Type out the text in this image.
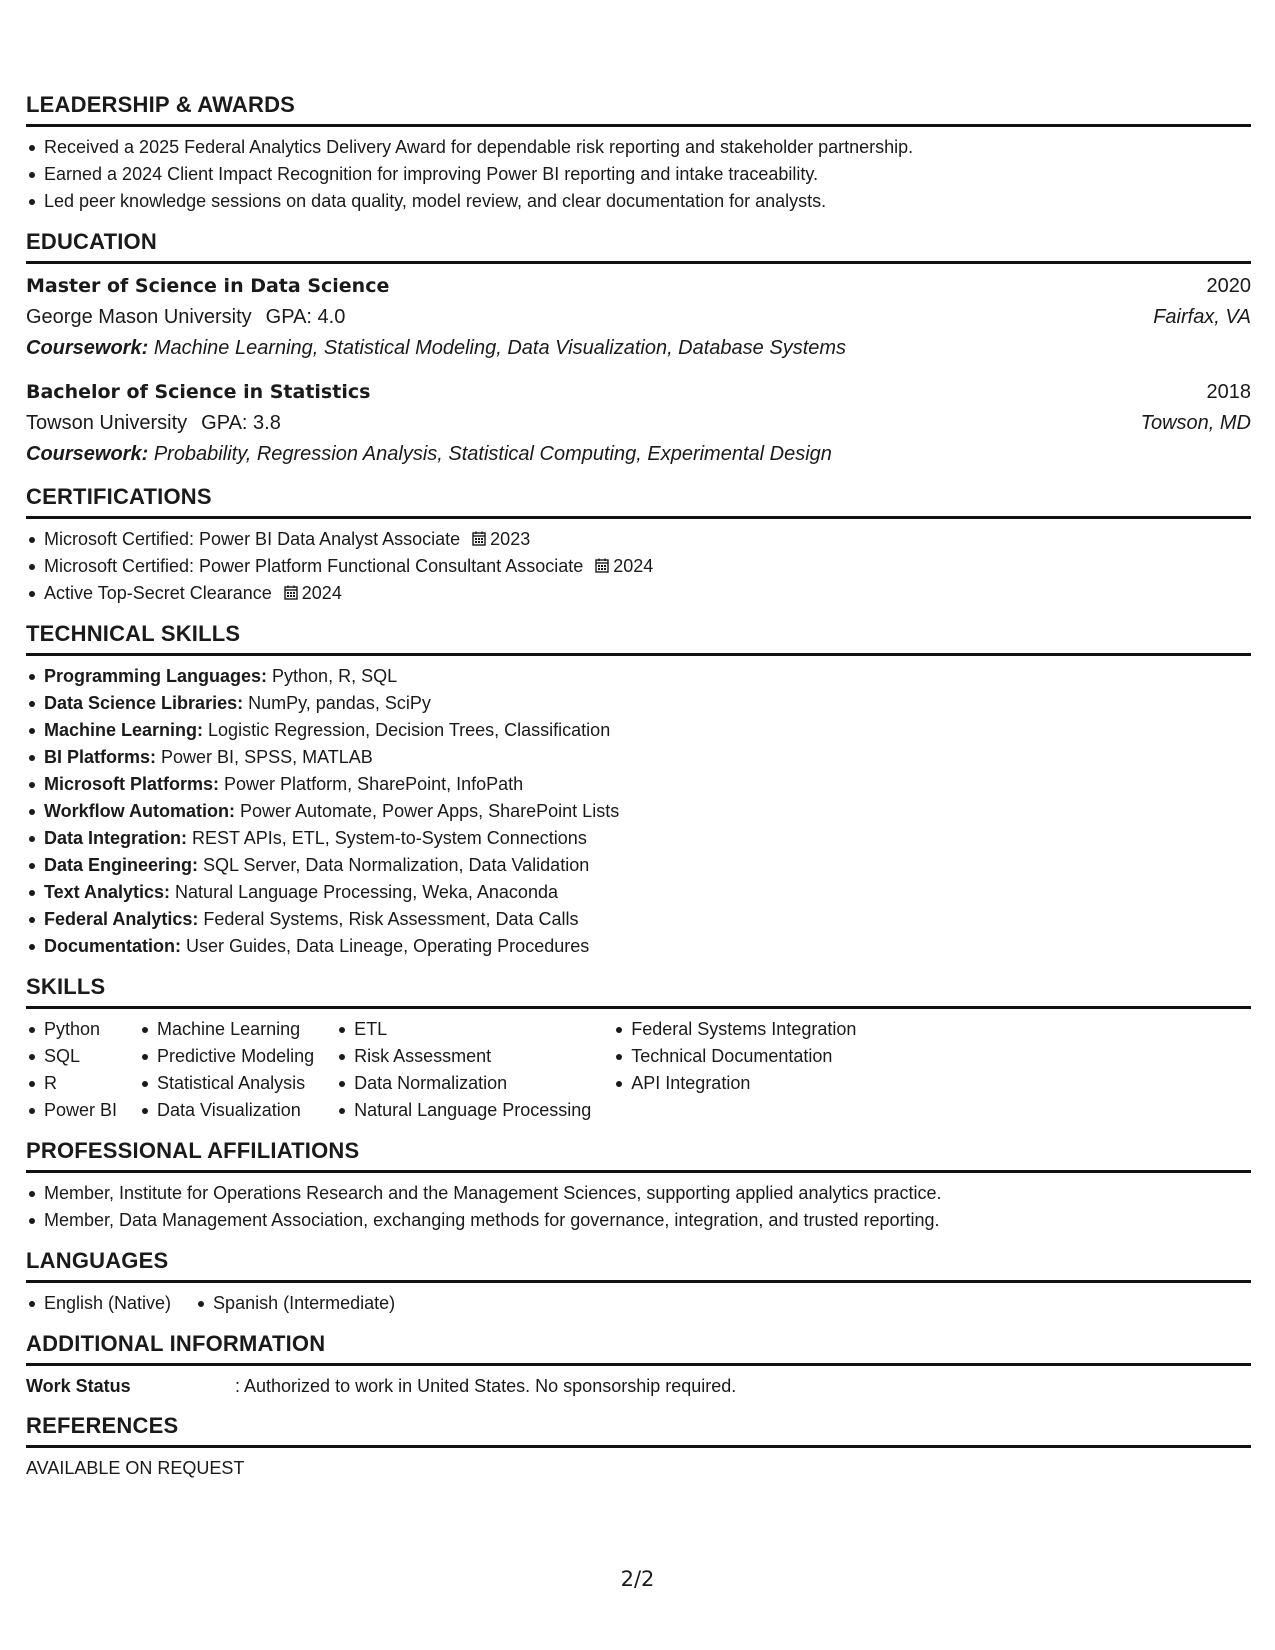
LEADERSHIP & AWARDS
Received a 2025 Federal Analytics Delivery Award for dependable risk reporting and stakeholder partnership.
Earned a 2024 Client Impact Recognition for improving Power BI reporting and intake traceability.
Led peer knowledge sessions on data quality, model review, and clear documentation for analysts.
EDUCATION
Master of Science in Data Science	2020
George Mason University GPA: 4.0	Fairfax, VA
Coursework: Machine Learning, Statistical Modeling, Data Visualization, Database Systems
Bachelor of Science in Statistics	2018
Towson University GPA: 3.8	Towson, MD
Coursework: Probability, Regression Analysis, Statistical Computing, Experimental Design
CERTIFICATIONS
Microsoft Certified: Power BI Data Analyst Associate 2023
Microsoft Certified: Power Platform Functional Consultant Associate 2024
Active Top-Secret Clearance 2024
TECHNICAL SKILLS
Programming Languages: Python, R, SQL
Data Science Libraries: NumPy, pandas, SciPy
Machine Learning: Logistic Regression, Decision Trees, Classification
BI Platforms: Power BI, SPSS, MATLAB
Microsoft Platforms: Power Platform, SharePoint, InfoPath
Workflow Automation: Power Automate, Power Apps, SharePoint Lists
Data Integration: REST APIs, ETL, System-to-System Connections
Data Engineering: SQL Server, Data Normalization, Data Validation
Text Analytics: Natural Language Processing, Weka, Anaconda
Federal Analytics: Federal Systems, Risk Assessment, Data Calls
Documentation: User Guides, Data Lineage, Operating Procedures
SKILLS
Python
SQL
R
Power BI
Machine Learning
Predictive Modeling
Statistical Analysis
Data Visualization
ETL
Risk Assessment
Data Normalization
Natural Language Processing
Federal Systems Integration
Technical Documentation
API Integration
PROFESSIONAL AFFILIATIONS
Member, Institute for Operations Research and the Management Sciences, supporting applied analytics practice.
Member, Data Management Association, exchanging methods for governance, integration, and trusted reporting.
LANGUAGES
English (Native)	Spanish (Intermediate)
ADDITIONAL INFORMATION
Work Status	: Authorized to work in United States. No sponsorship required.
REFERENCES
AVAILABLE ON REQUEST
2/2
